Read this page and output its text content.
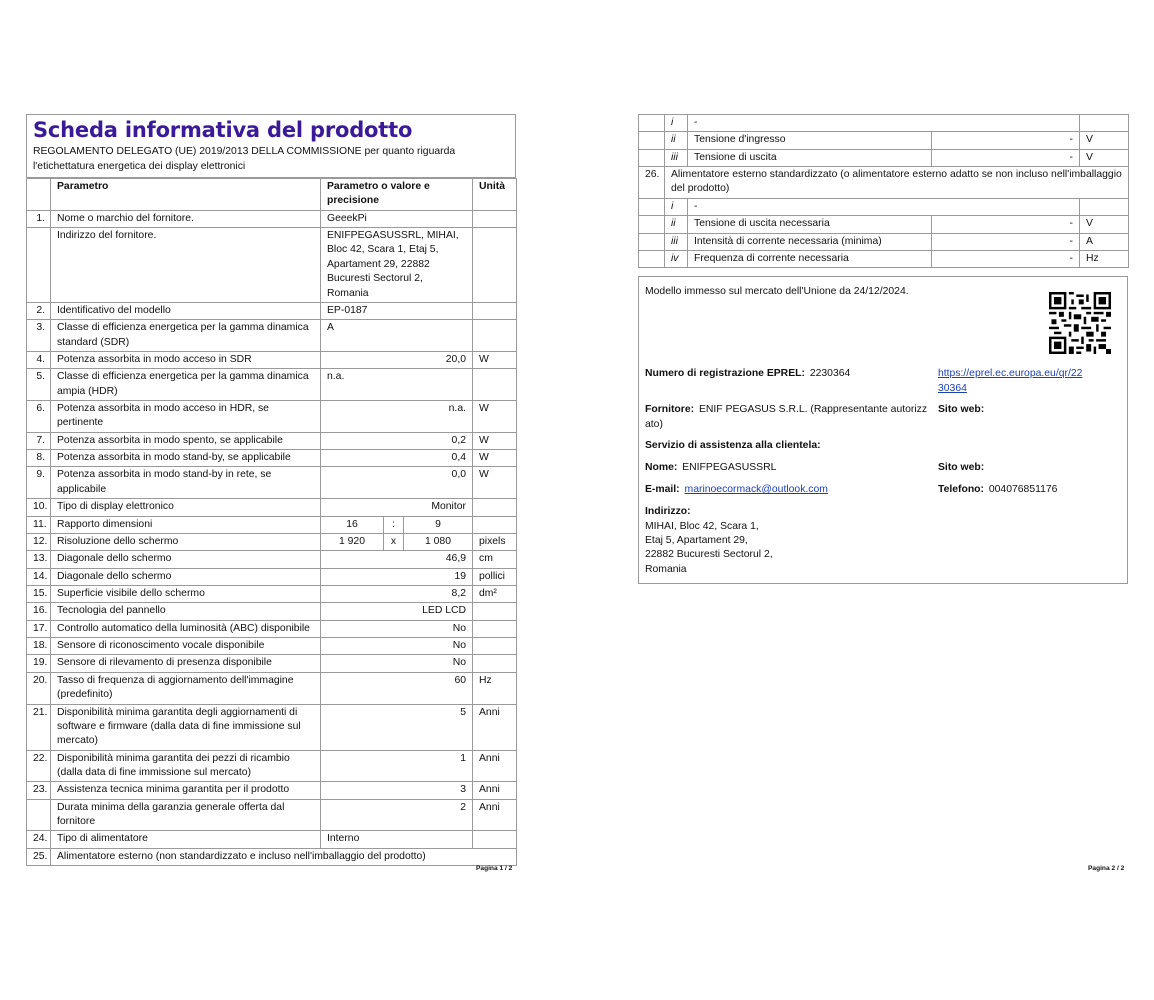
Scheda informativa del prodotto
REGOLAMENTO DELEGATO (UE) 2019/2013 DELLA COMMISSIONE per quanto riguarda l'etichettatura energetica dei display elettronici
	Parametro	Parametro o valore e precisione			Unità
1.	Nome o marchio del fornitore.	GeeekPi			
	Indirizzo del fornitore.	ENIFPEGASUSSRL, MIHAI, Bloc 42, Scara 1, Etaj 5, Apartament 29, 22882 Bucuresti Sectorul 2, Romania			
2.	Identificativo del modello	EP-0187			
3.	Classe di efficienza energetica per la gamma dinamica standard (SDR)	A			
4.	Potenza assorbita in modo acceso in SDR	20,0			W
5.	Classe di efficienza energetica per la gamma dinamica ampia (HDR)	n.a.			
6.	Potenza assorbita in modo acceso in HDR, se pertinente	n.a.			W
7.	Potenza assorbita in modo spento, se applicabile	0,2			W
8.	Potenza assorbita in modo stand-by, se applicabile	0,4			W
9.	Potenza assorbita in modo stand-by in rete, se applicabile	0,0			W
10.	Tipo di display elettronico	Monitor			
11.	Rapporto dimensioni	16	:	9	
12.	Risoluzione dello schermo	1 920	x	1 080	pixels
13.	Diagonale dello schermo	46,9			cm
14.	Diagonale dello schermo	19			pollici
15.	Superficie visibile dello schermo	8,2			dm²
16.	Tecnologia del pannello	LED LCD			
17.	Controllo automatico della luminosità (ABC) disponibile	No			
18.	Sensore di riconoscimento vocale disponibile	No			
19.	Sensore di rilevamento di presenza disponibile	No			
20.	Tasso di frequenza di aggiornamento dell'immagine (predefinito)	60			Hz
21.	Disponibilità minima garantita degli aggiornamenti di software e firmware (dalla data di fine immissione sul mercato)	5			Anni
22.	Disponibilità minima garantita dei pezzi di ricambio (dalla data di fine immissione sul mercato)	1			Anni
23.	Assistenza tecnica minima garantita per il prodotto	3			Anni
	Durata minima della garanzia generale offerta dal fornitore	2			Anni
24.	Tipo di alimentatore	Interno			
25.	Alimentatore esterno (non standardizzato e incluso nell'imballaggio del prodotto)				
Pagina 1 / 2
	i	-		
	ii	Tensione d'ingresso	-	V
	iii	Tensione di uscita	-	V
26.	Alimentatore esterno standardizzato (o alimentatore esterno adatto se non incluso nell'imballaggio del prodotto)			
	i	-		
	ii	Tensione di uscita necessaria	-	V
	iii	Intensità di corrente necessaria (minima)	-	A
	iv	Frequenza di corrente necessaria	-	Hz
Modello immesso sul mercato dell'Unione da 24/12/2024.
Numero di registrazione EPREL: 2230364	https://eprel.ec.europa.eu/qr/22
30364
Fornitore: ENIF PEGASUS S.R.L. (Rappresentante autorizz
ato)
Sito web:
Servizio di assistenza alla clientela:
Nome: ENIFPEGASUSSRL	Sito web:
E-mail: marinoecormack@outlook.com	Telefono: 004076851176
Indirizzo:
MIHAI, Bloc 42, Scara 1,
Etaj 5, Apartament 29,
22882 Bucuresti Sectorul 2,
Romania
Pagina 2 / 2
